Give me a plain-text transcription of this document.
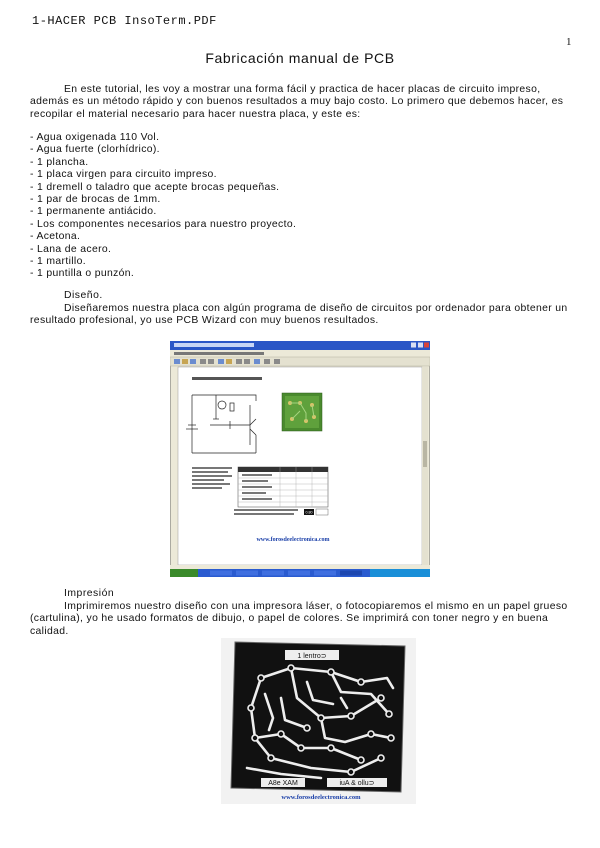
1-HACER PCB InsoTerm.PDF
1
Fabricación manual de PCB
En este tutorial, les voy a mostrar una forma fácil y practica de hacer placas de circuito impreso, además es un método rápido y con buenos resultados a muy bajo costo. Lo primero que debemos hacer, es recopilar el material necesario para hacer nuestra placa, y este es:
- Agua oxigenada 110 Vol.
- Agua fuerte (clorhídrico).
- 1 plancha.
- 1 placa virgen para circuito impreso.
- 1 dremell o taladro que acepte brocas pequeñas.
- 1 par de brocas de 1mm.
- 1 permanente antiácido.
- Los componentes necesarios para nuestro proyecto.
- Acetona.
- Lana de acero.
- 1 martillo.
- 1 puntilla o punzón.
Diseño.
Diseñaremos nuestra placa con algún programa de diseño de circuitos por ordenador para obtener un resultado profesional, yo use PCB Wizard con muy buenos resultados.
0.80
www.forosdeelectronica.com
Impresión
Imprimiremos nuestro diseño con una impresora láser, o fotocopiaremos el mismo en un papel grueso (cartulina), yo he usado formatos de dibujo, o papel de colores. Se imprimirá con toner negro y en buena calidad.
1 lentro⊃
A8e XAM	iuA & ollu⊃
www.forosdeelectronica.com
